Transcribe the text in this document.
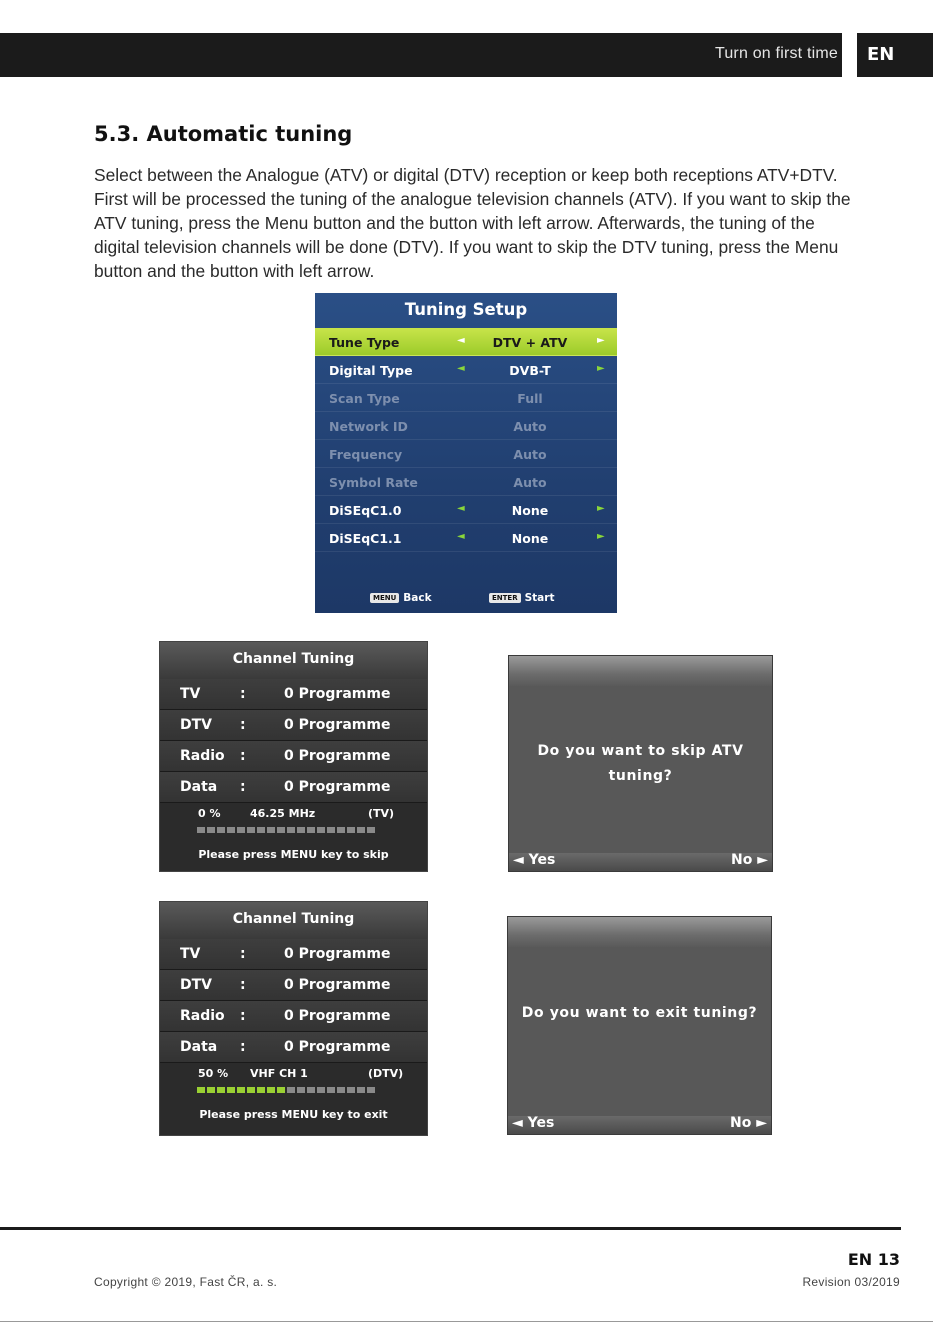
Turn on first time EN
5.3. Automatic tuning

Select between the Analogue (ATV) or digital (DTV) reception or keep both receptions ATV+DTV. First will be processed the tuning of the analogue television channels (ATV). If you want to skip the ATV tuning, press the Menu button and the button with left arrow. Afterwards, the tuning of the digital television channels will be done (DTV). If you want to skip the DTV tuning, press the Menu button and the button with left arrow.

Tuning Setup
Tune Type	◄	DTV + ATV	►
Digital Type	◄	DVB-T	►
Scan Type	Full
Network ID	Auto
Frequency	Auto
Symbol Rate	Auto
DiSEqC1.0	◄	None	►
DiSEqC1.1	◄	None	►
MENU Back	ENTER Start
Channel Tuning
TV	:	0 Programme
DTV :	0 Programme
Radio :	0 Programme
Data :	0 Programme
0 %	46.25 MHz	(TV)
Please press MENU key to skip
Do you want to skip ATV
tuning?
◄ Yes	No ►
Channel Tuning
TV	:	0 Programme
DTV :	0 Programme
Radio :	0 Programme
Data :	0 Programme
50 % VHF CH 1	(DTV)
Please press MENU key to exit
Do you want to exit tuning?
◄ Yes	No ►
EN 13
Copyright © 2019, Fast ČR, a. s.	Revision 03/2019
